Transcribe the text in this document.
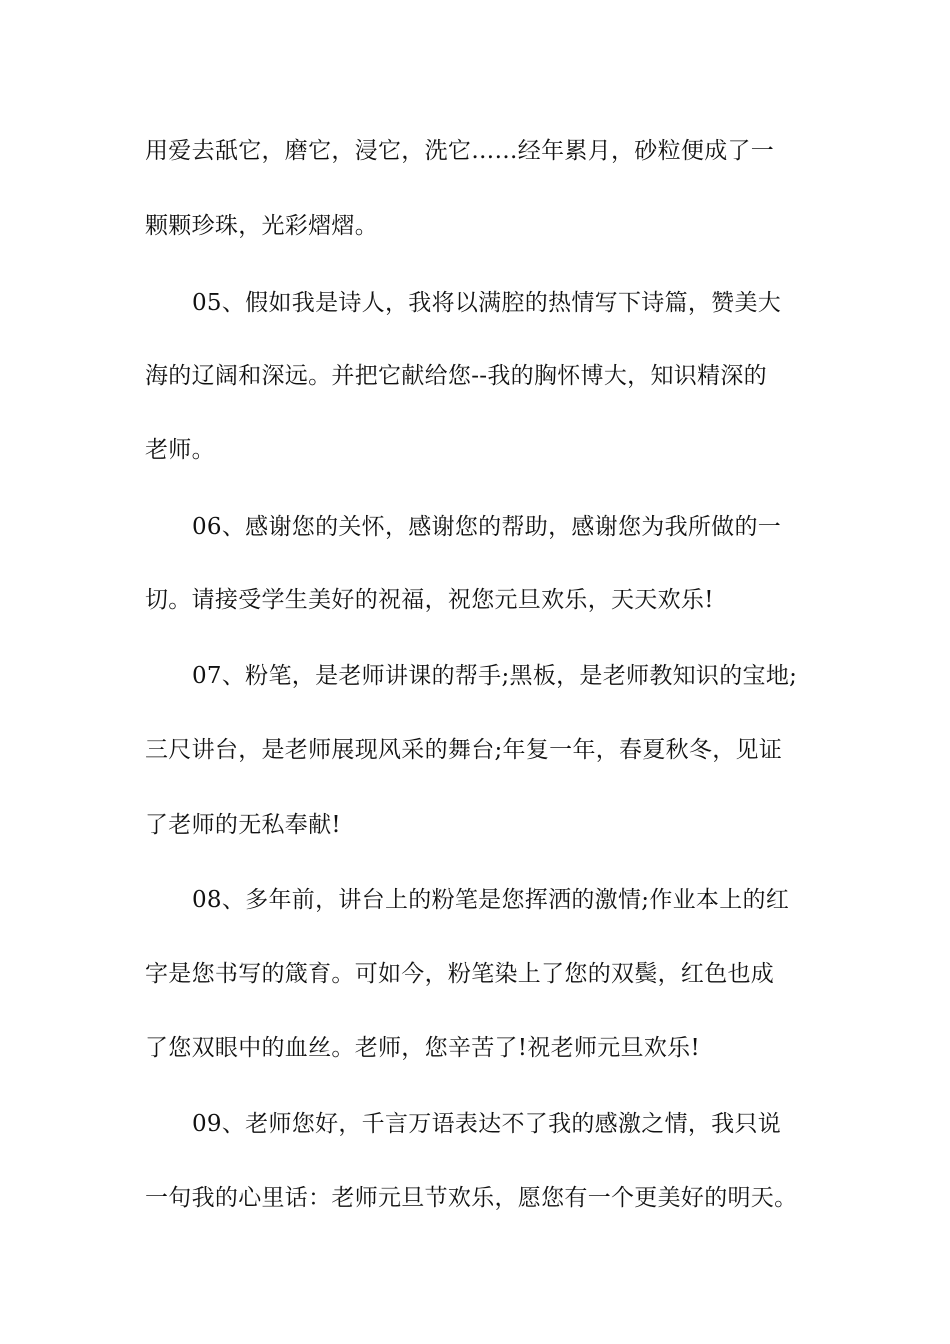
用爱去舐它，磨它，浸它，洗它……经年累月，砂粒便成了一
颗颗珍珠，光彩熠熠。
05、假如我是诗人，我将以满腔的热情写下诗篇，赞美大
海的辽阔和深远。并把它献给您--我的胸怀博大，知识精深的
老师。
06、感谢您的关怀，感谢您的帮助，感谢您为我所做的一
切。请接受学生美好的祝福，祝您元旦欢乐，天天欢乐!
07、粉笔，是老师讲课的帮手;黑板，是老师教知识的宝地;
三尺讲台，是老师展现风采的舞台;年复一年，春夏秋冬，见证
了老师的无私奉献!
08、多年前，讲台上的粉笔是您挥洒的激情;作业本上的红
字是您书写的箴育。可如今，粉笔染上了您的双鬓，红色也成
了您双眼中的血丝。老师，您辛苦了!祝老师元旦欢乐!
09、老师您好，千言万语表达不了我的感激之情，我只说
一句我的心里话：老师元旦节欢乐，愿您有一个更美好的明天。
